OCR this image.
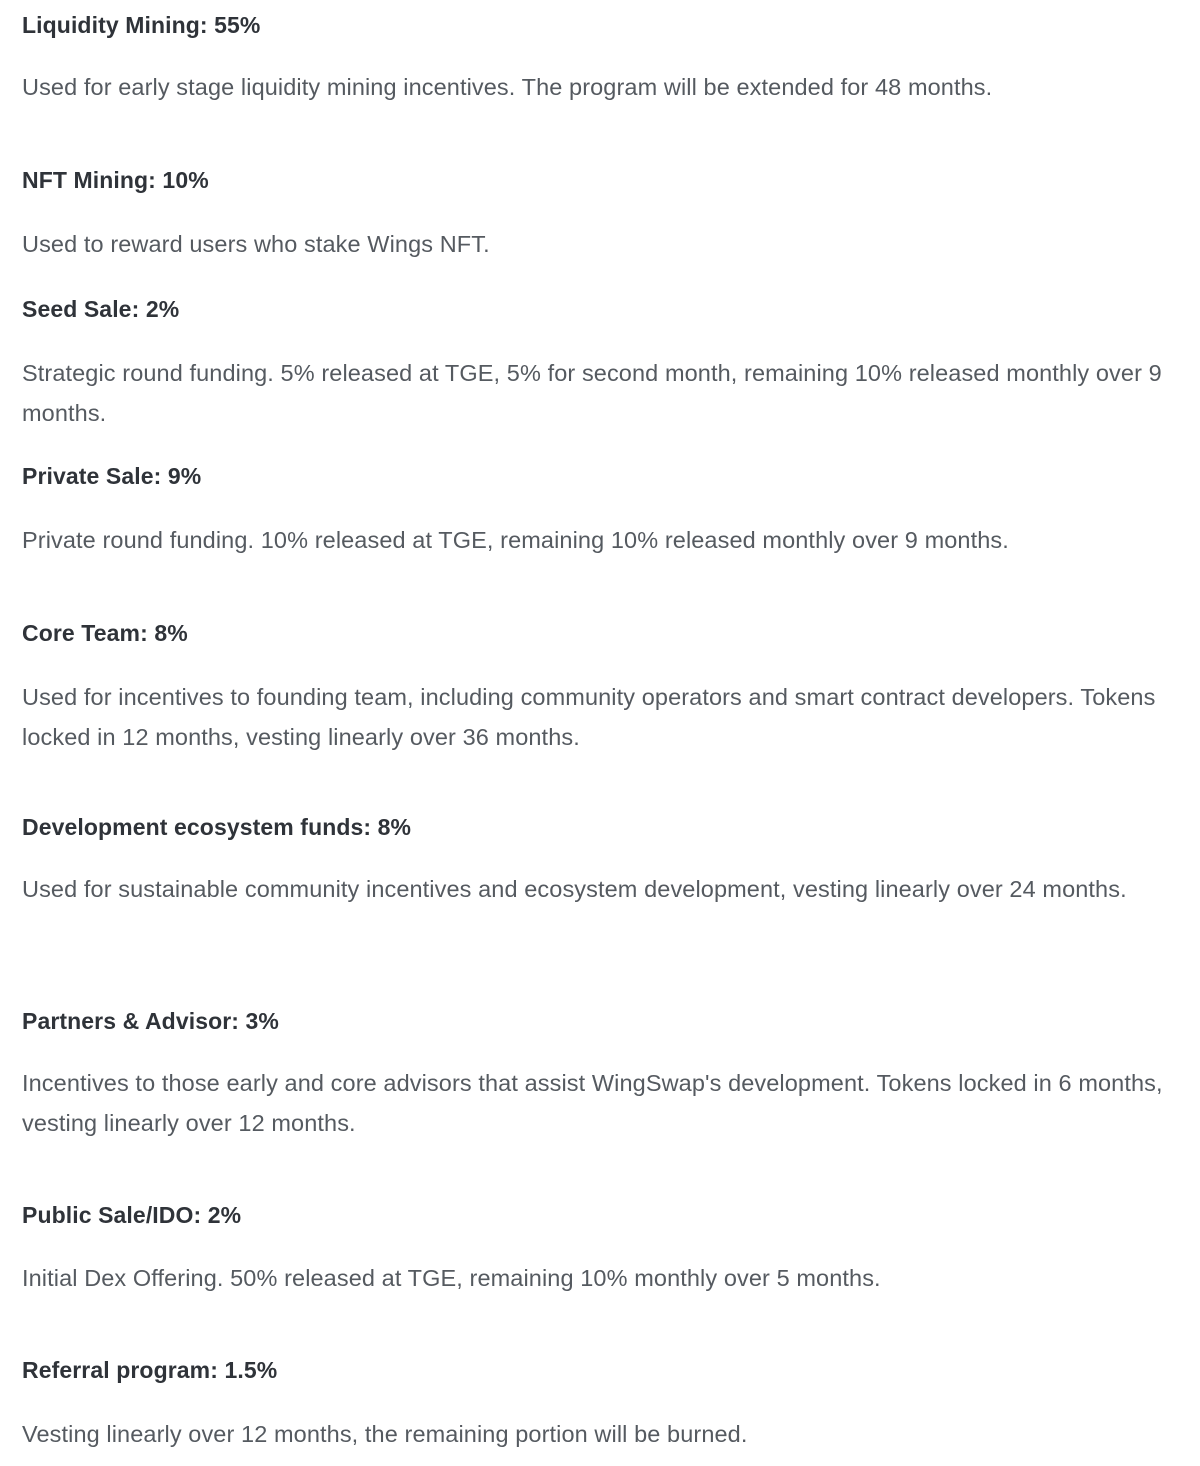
Liquidity Mining: 55%

Used for early stage liquidity mining incentives. The program will be extended for 48 months.

NFT Mining: 10%

Used to reward users who stake Wings NFT.

Seed Sale: 2%

Strategic round funding. 5% released at TGE, 5% for second month, remaining 10% released monthly over 9 months.

Private Sale: 9%

Private round funding. 10% released at TGE, remaining 10% released monthly over 9 months.

Core Team: 8%

Used for incentives to founding team, including community operators and smart contract developers. Tokens locked in 12 months, vesting linearly over 36 months.

Development ecosystem funds: 8%

Used for sustainable community incentives and ecosystem development, vesting linearly over 24 months.

Partners & Advisor: 3%

Incentives to those early and core advisors that assist WingSwap's development. Tokens locked in 6 months, vesting linearly over 12 months.

Public Sale/IDO: 2%

Initial Dex Offering. 50% released at TGE, remaining 10% monthly over 5 months.

Referral program: 1.5%

Vesting linearly over 12 months, the remaining portion will be burned.
